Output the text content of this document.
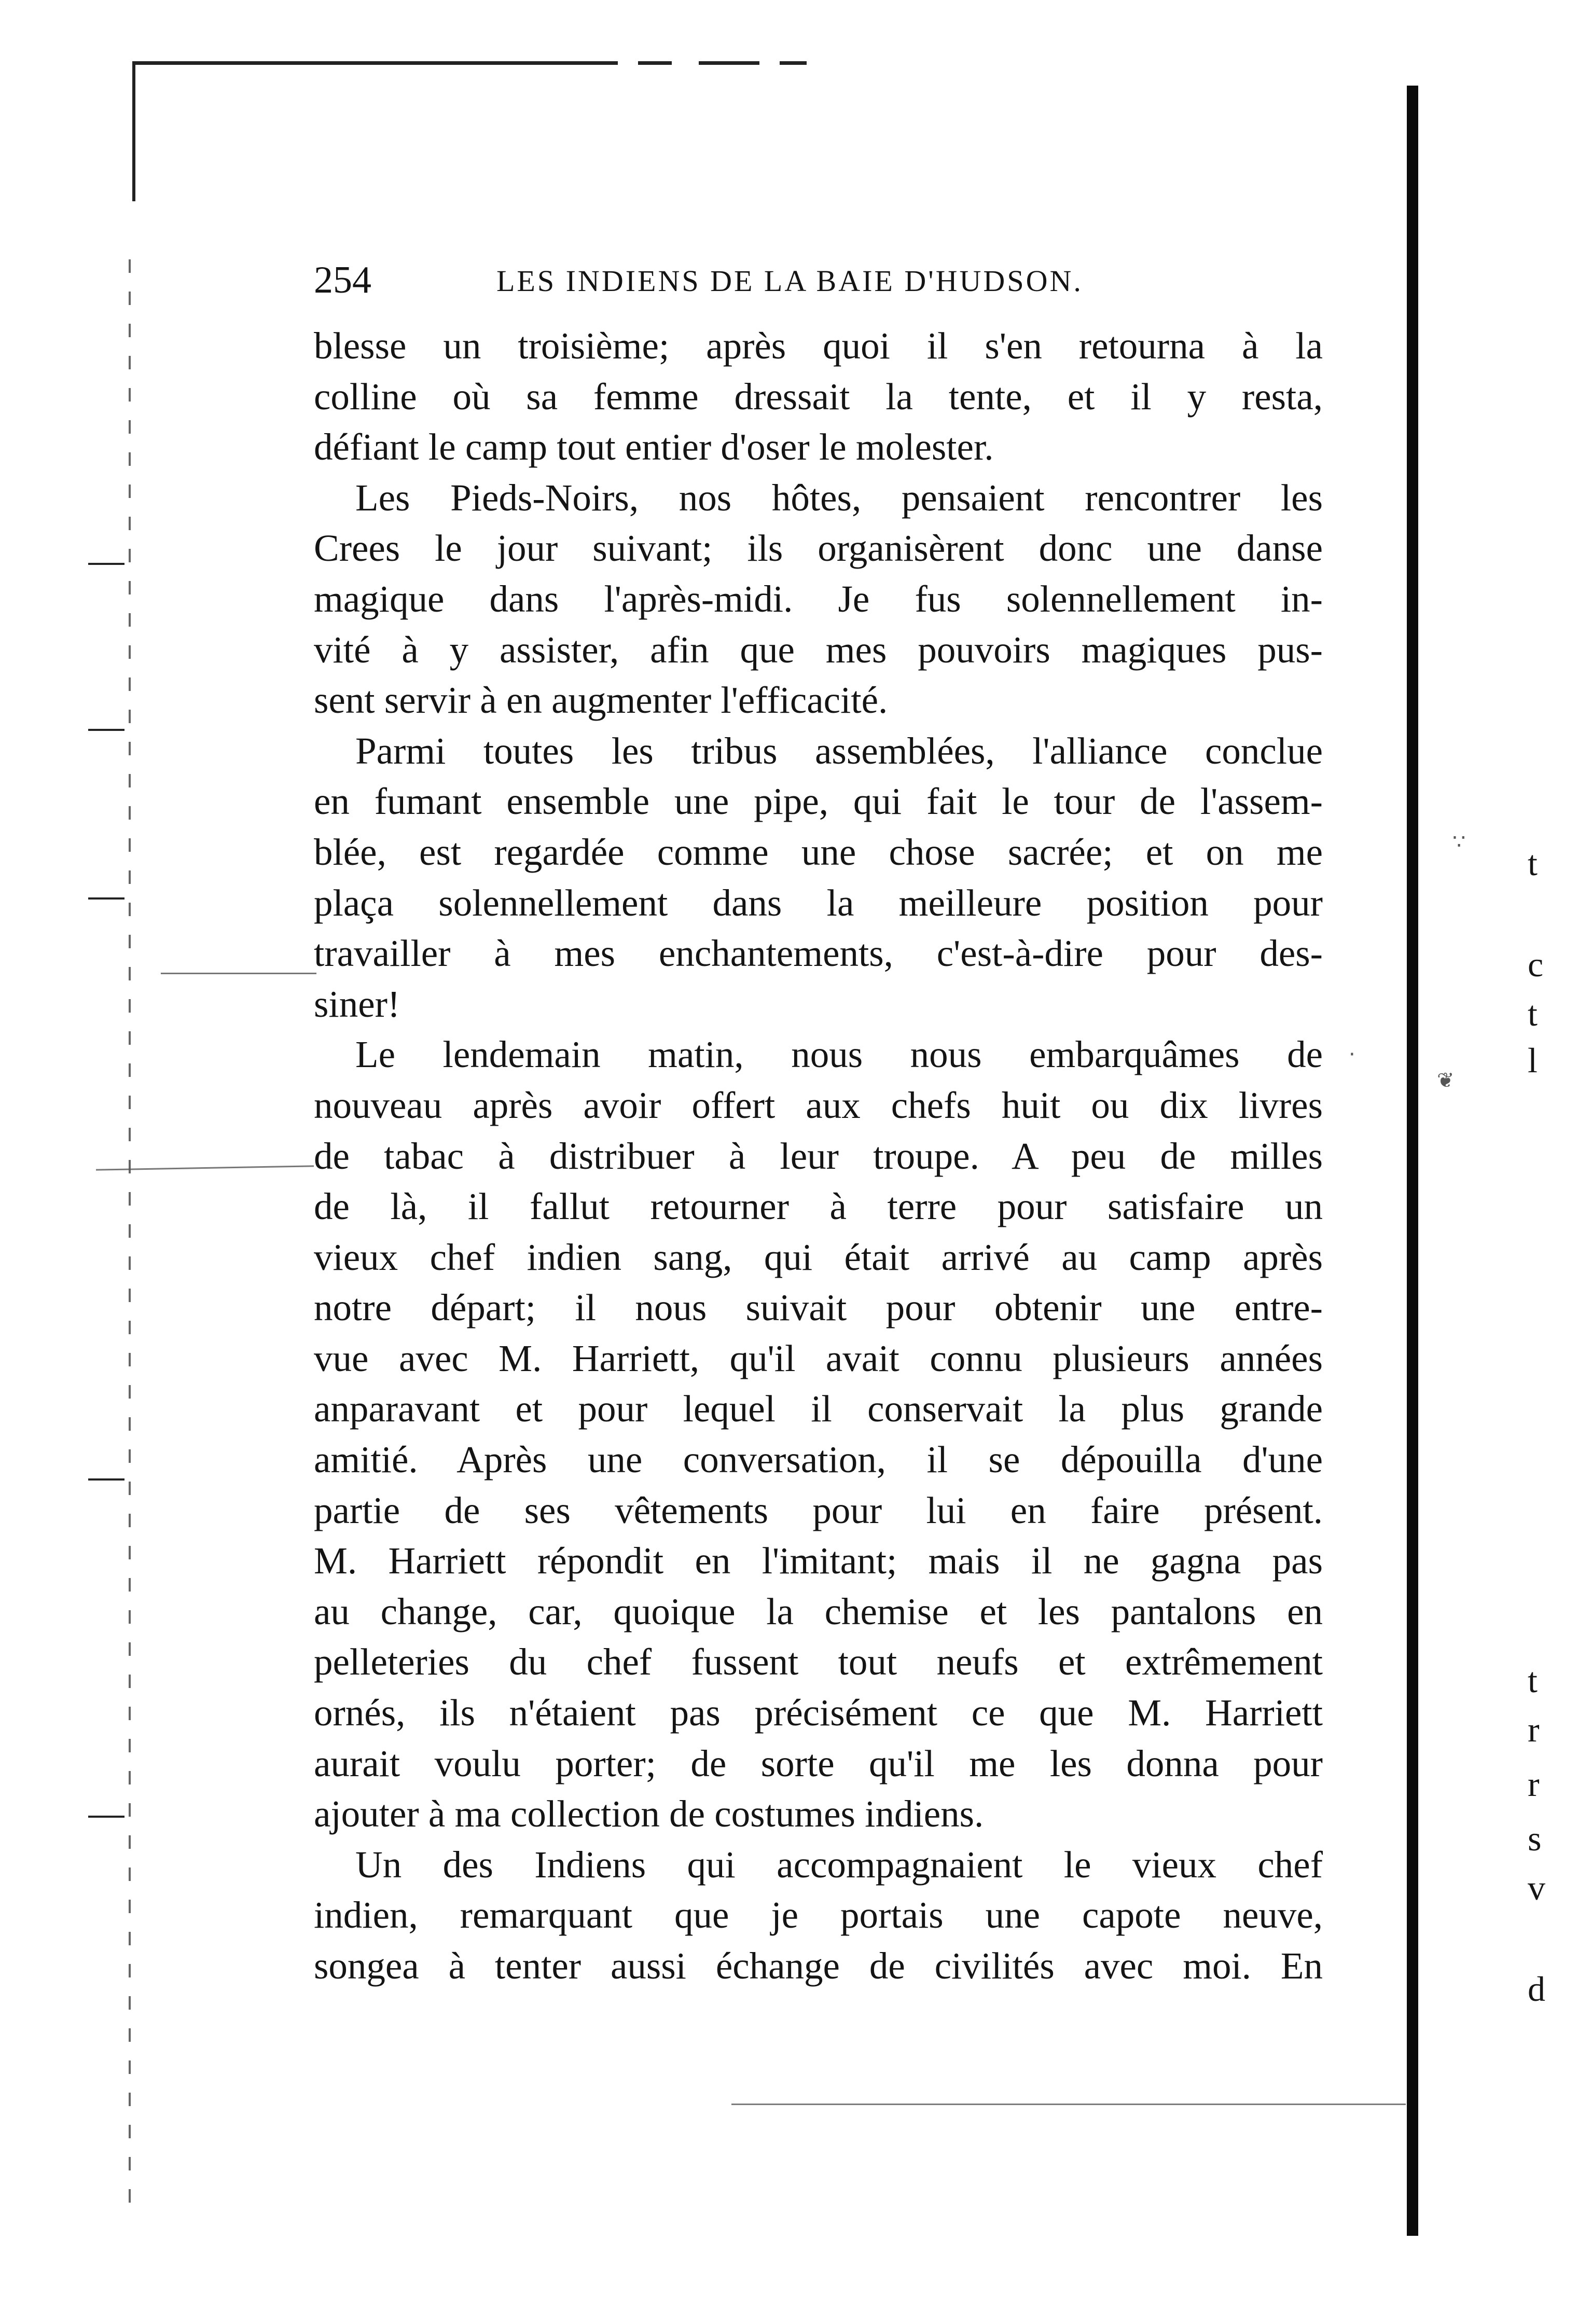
∵
❦
·
t
c
t
l
t
r
r
s
v
d
254	LES INDIENS DE LA BAIE D'HUDSON.
blesse un troisième; après quoi il s'en retourna à la
colline où sa femme dressait la tente, et il y resta,
défiant le camp tout entier d'oser le molester.
Les Pieds-Noirs, nos hôtes, pensaient rencontrer les
Crees le jour suivant; ils organisèrent donc une danse
magique dans l'après-midi. Je fus solennellement in-
vité à y assister, afin que mes pouvoirs magiques pus-
sent servir à en augmenter l'efficacité.
Parmi toutes les tribus assemblées, l'alliance conclue
en fumant ensemble une pipe, qui fait le tour de l'assem-
blée, est regardée comme une chose sacrée; et on me
plaça solennellement dans la meilleure position pour
travailler à mes enchantements, c'est-à-dire pour des-
siner!
Le lendemain matin, nous nous embarquâmes de
nouveau après avoir offert aux chefs huit ou dix livres
de tabac à distribuer à leur troupe. A peu de milles
de là, il fallut retourner à terre pour satisfaire un
vieux chef indien sang, qui était arrivé au camp après
notre départ; il nous suivait pour obtenir une entre-
vue avec M. Harriett, qu'il avait connu plusieurs années
anparavant et pour lequel il conservait la plus grande
amitié. Après une conversation, il se dépouilla d'une
partie de ses vêtements pour lui en faire présent.
M. Harriett répondit en l'imitant; mais il ne gagna pas
au change, car, quoique la chemise et les pantalons en
pelleteries du chef fussent tout neufs et extrêmement
ornés, ils n'étaient pas précisément ce que M. Harriett
aurait voulu porter; de sorte qu'il me les donna pour
ajouter à ma collection de costumes indiens.
Un des Indiens qui accompagnaient le vieux chef
indien, remarquant que je portais une capote neuve,
songea à tenter aussi échange de civilités avec moi. En
